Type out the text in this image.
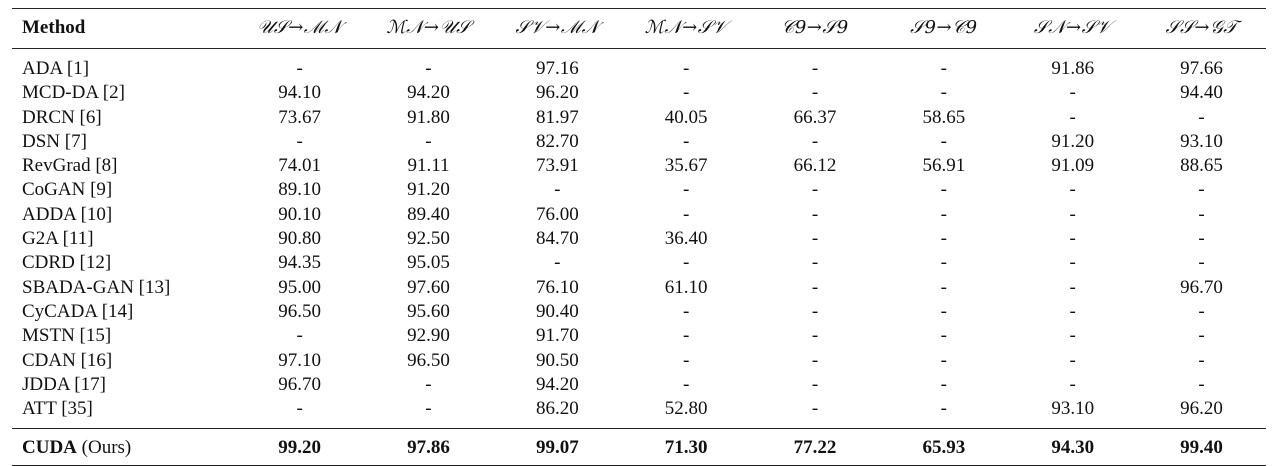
Method	𝒰𝒮→ℳ𝒩	ℳ𝒩→𝒰𝒮	𝒮𝒱→ℳ𝒩	ℳ𝒩→𝒮𝒱	𝒞9→𝒮9	𝒮9→𝒞9	𝒮𝒩→𝒮𝒱	𝒮𝒮→𝒢𝒯
ADA [1]	-	-	97.16	-	-	-	91.86	97.66
MCD-DA [2]	94.10	94.20	96.20	-	-	-	-	94.40
DRCN [6]	73.67	91.80	81.97	40.05	66.37	58.65	-	-
DSN [7]	-	-	82.70	-	-	-	91.20	93.10
RevGrad [8]	74.01	91.11	73.91	35.67	66.12	56.91	91.09	88.65
CoGAN [9]	89.10	91.20	-	-	-	-	-	-
ADDA [10]	90.10	89.40	76.00	-	-	-	-	-
G2A [11]	90.80	92.50	84.70	36.40	-	-	-	-
CDRD [12]	94.35	95.05	-	-	-	-	-	-
SBADA-GAN [13]	95.00	97.60	76.10	61.10	-	-	-	96.70
CyCADA [14]	96.50	95.60	90.40	-	-	-	-	-
MSTN [15]	-	92.90	91.70	-	-	-	-	-
CDAN [16]	97.10	96.50	90.50	-	-	-	-	-
JDDA [17]	96.70	-	94.20	-	-	-	-	-
ATT [35]	-	-	86.20	52.80	-	-	93.10	96.20
CUDA (Ours)	99.20	97.86	99.07	71.30	77.22	65.93	94.30	99.40
